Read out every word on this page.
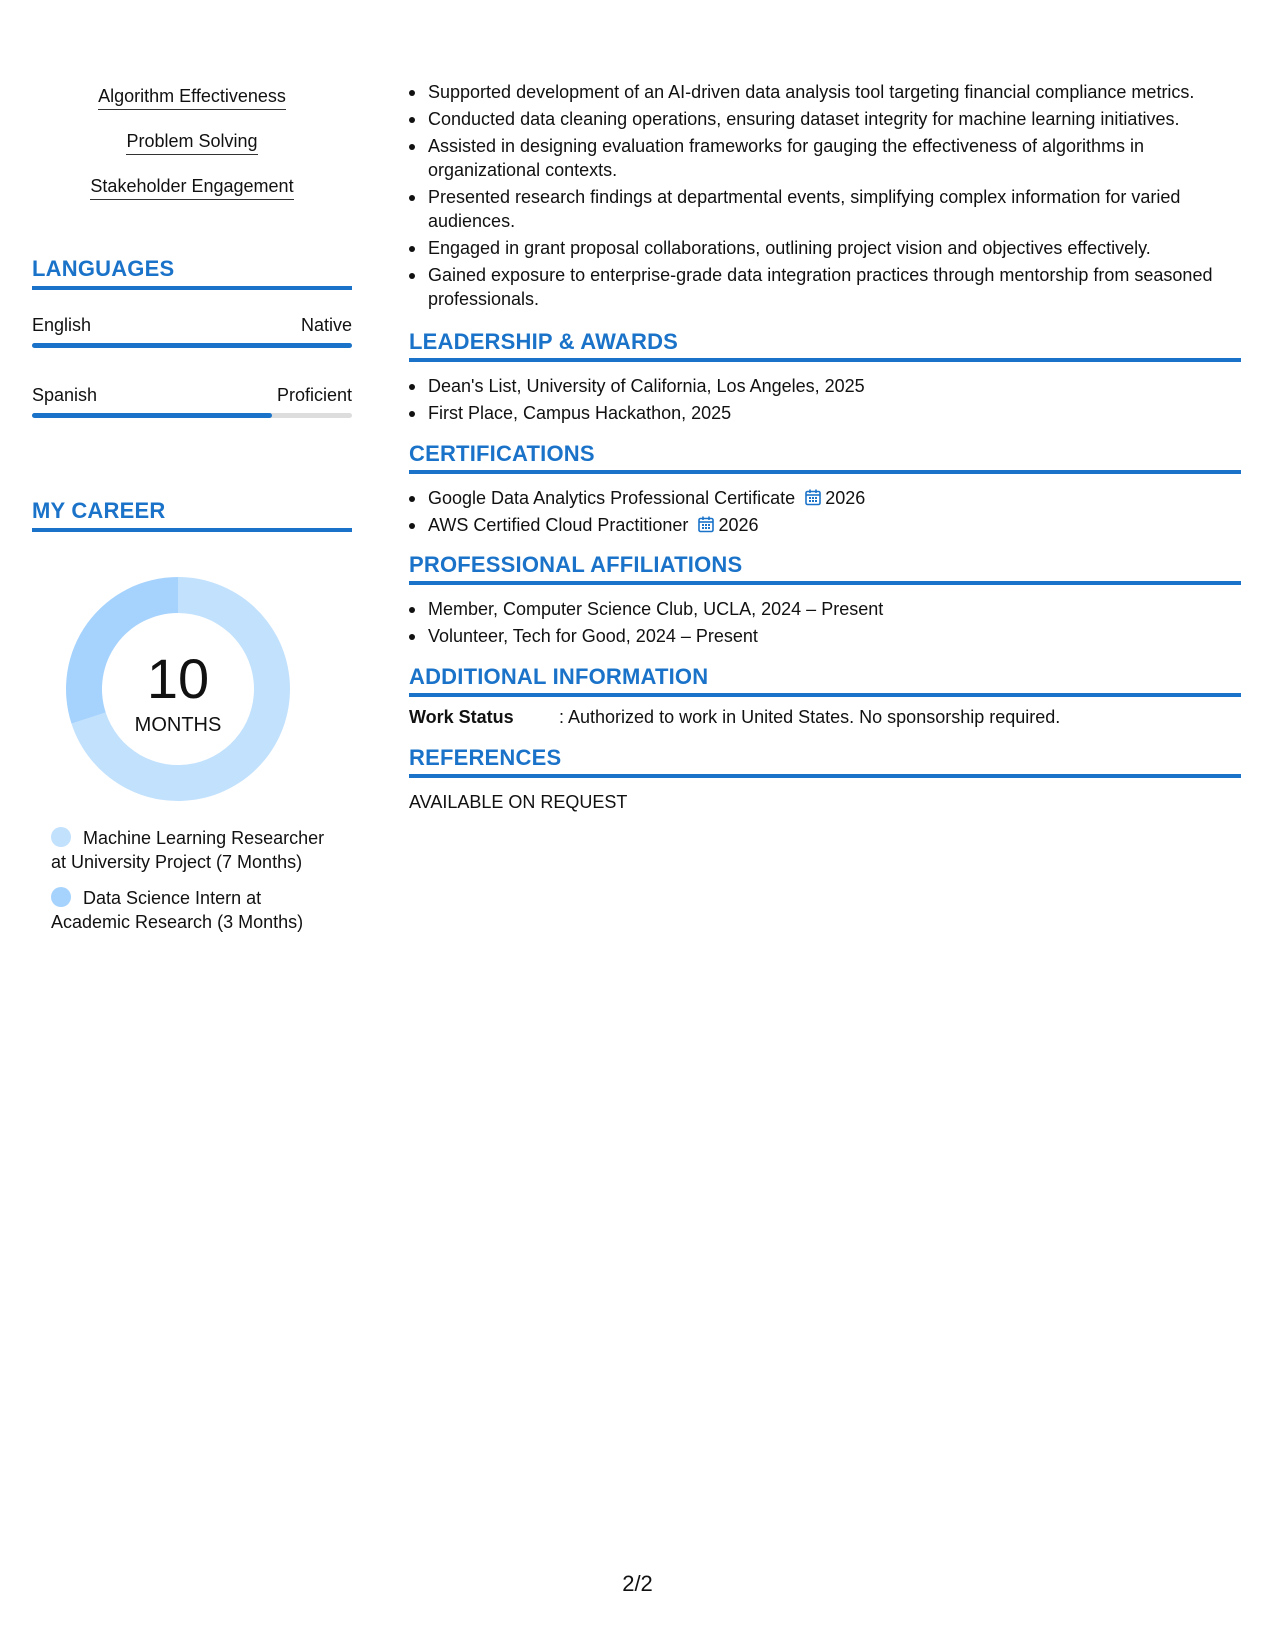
Algorithm Effectiveness
Problem Solving
Stakeholder Engagement
LANGUAGES
English	Native
Spanish	Proficient
MY CAREER
10
MONTHS
Machine Learning Researcher at University Project (7 Months)
Data Science Intern at Academic Research (3 Months)
Supported development of an AI-driven data analysis tool targeting financial compliance metrics.
Conducted data cleaning operations, ensuring dataset integrity for machine learning initiatives.
Assisted in designing evaluation frameworks for gauging the effectiveness of algorithms in organizational contexts.
Presented research findings at departmental events, simplifying complex information for varied audiences.
Engaged in grant proposal collaborations, outlining project vision and objectives effectively.
Gained exposure to enterprise-grade data integration practices through mentorship from seasoned professionals.
LEADERSHIP & AWARDS
Dean's List, University of California, Los Angeles, 2025
First Place, Campus Hackathon, 2025
CERTIFICATIONS
Google Data Analytics Professional Certificate 2026
AWS Certified Cloud Practitioner 2026
PROFESSIONAL AFFILIATIONS
Member, Computer Science Club, UCLA, 2024 – Present
Volunteer, Tech for Good, 2024 – Present
ADDITIONAL INFORMATION
Work Status	: Authorized to work in United States. No sponsorship required.
REFERENCES
AVAILABLE ON REQUEST
2/2
